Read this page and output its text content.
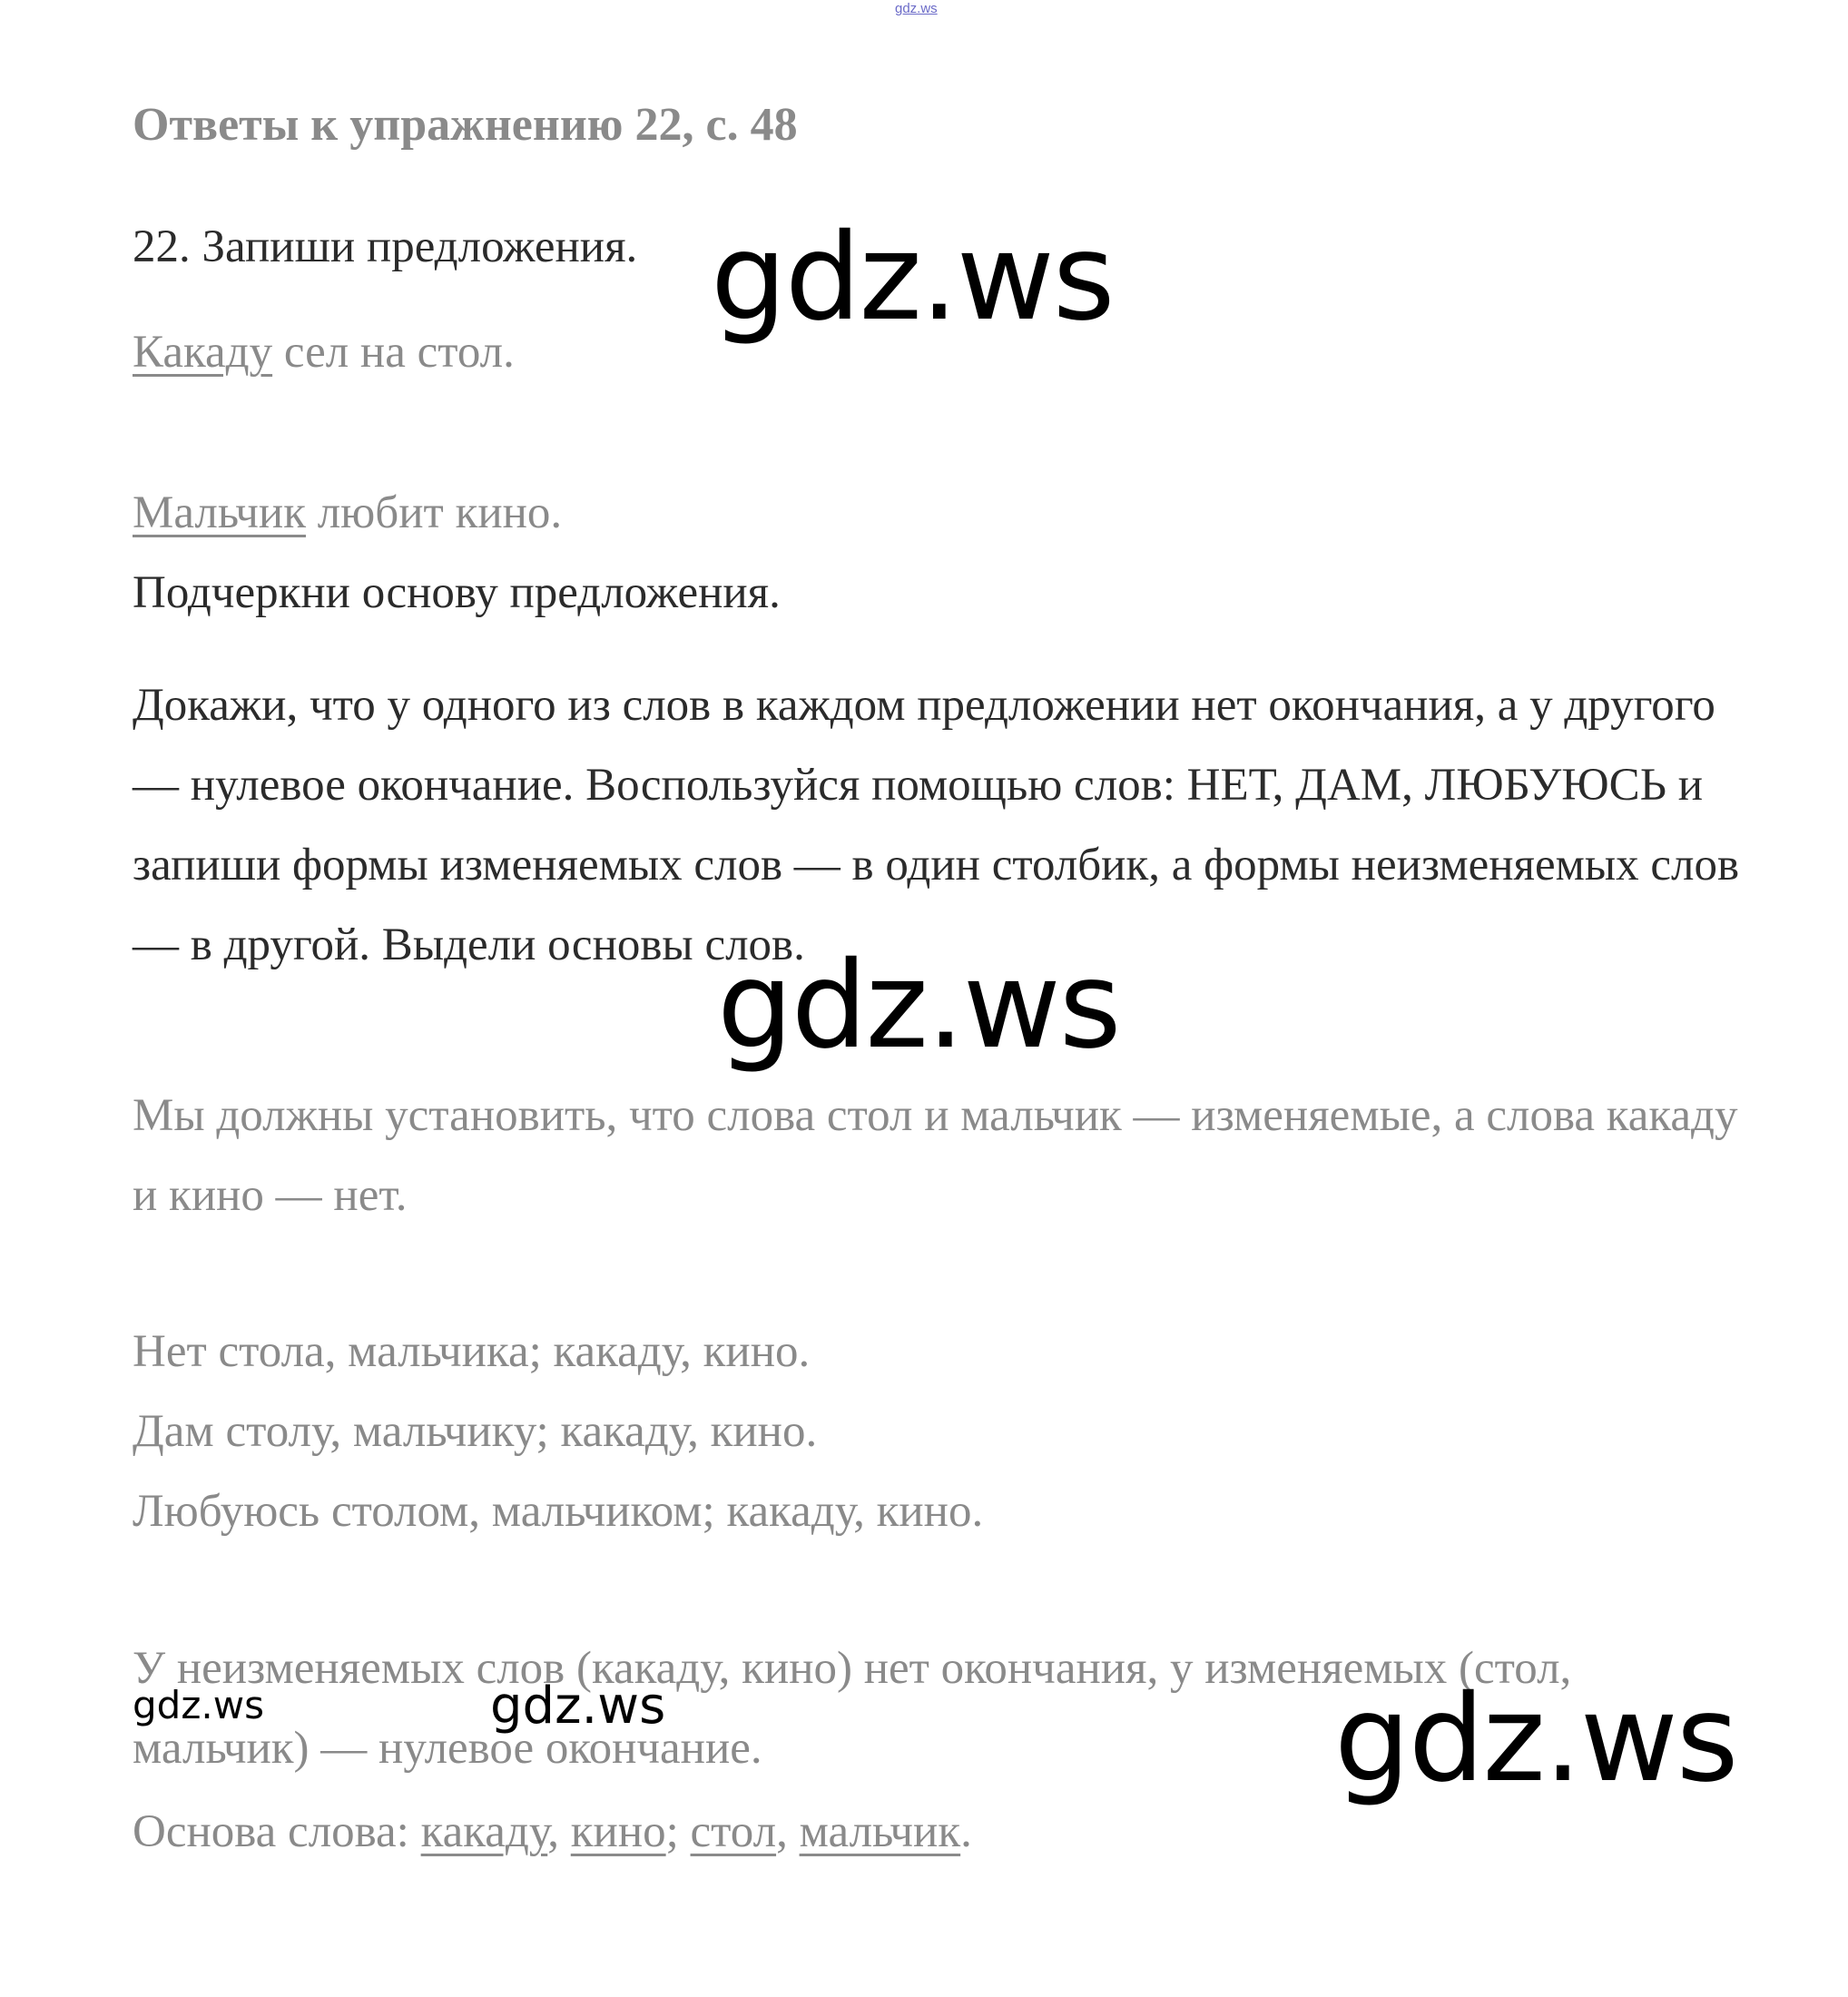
gdz.ws
Ответы к упражнению 22, с. 48
22. Запиши предложения.
Какаду сел на стол.
Мальчик любит кино.
Подчеркни основу предложения.
Докажи, что у одного из слов в каждом предложении нет окончания, а у другого — нулевое окончание. Воспользуйся помощью слов: НЕТ, ДАМ, ЛЮБУЮСЬ и запиши формы изменяемых слов — в один столбик, а формы неизменяемых слов — в другой. Выдели основы слов.
Мы должны установить, что слова стол и мальчик — изменяемые, а слова какаду и кино — нет.
Нет стола, мальчика; какаду, кино.
Дам столу, мальчику; какаду, кино.
Любуюсь столом, мальчиком; какаду, кино.
У неизменяемых слов (какаду, кино) нет окончания, у изменяемых (стол, мальчик) — нулевое окончание.
Основа слова: какаду, кино; стол, мальчик.
gdz.ws
gdz.ws
gdz.ws
gdz.ws	gdz.ws
